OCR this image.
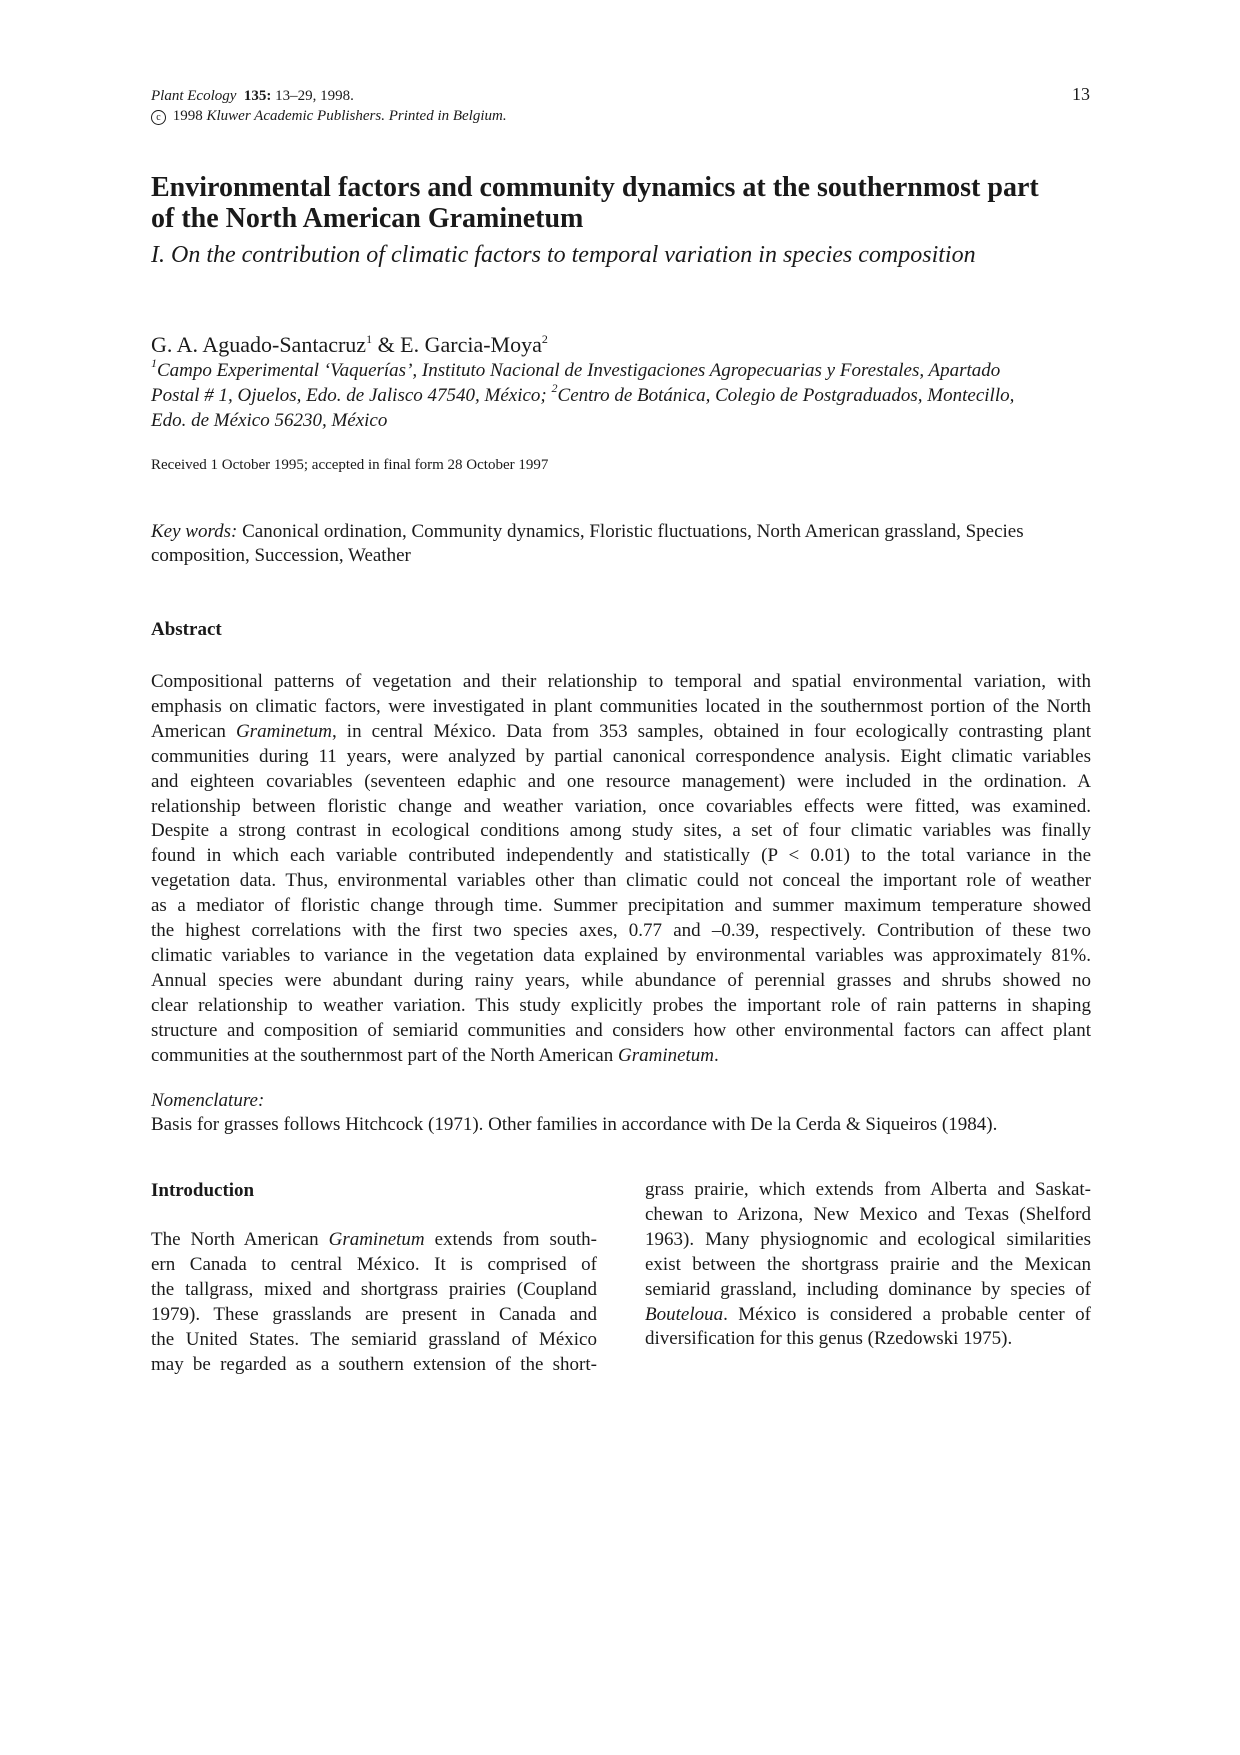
Plant Ecology 135: 13–29, 1998.
c 1998 Kluwer Academic Publishers. Printed in Belgium.
13
Environmental factors and community dynamics at the southernmost part
of the North American Graminetum
I. On the contribution of climatic factors to temporal variation in species composition
G. A. Aguado-Santacruz$^1$ & E. Garcia-Moya$^2$
$^1$Campo Experimental ‘Vaquerías’, Instituto Nacional de Investigaciones Agropecuarias y Forestales, Apartado
Postal # 1, Ojuelos, Edo. de Jalisco 47540, México; $^2$Centro de Botánica, Colegio de Postgraduados, Montecillo,
Edo. de México 56230, México
Received 1 October 1995; accepted in final form 28 October 1997
Key words: Canonical ordination, Community dynamics, Floristic fluctuations, North American grassland, Species
composition, Succession, Weather
Abstract
Compositional patterns of vegetation and their relationship to temporal and spatial environmental variation, with
emphasis on climatic factors, were investigated in plant communities located in the southernmost portion of the North
American Graminetum, in central México. Data from 353 samples, obtained in four ecologically contrasting plant
communities during 11 years, were analyzed by partial canonical correspondence analysis. Eight climatic variables
and eighteen covariables (seventeen edaphic and one resource management) were included in the ordination. A
relationship between floristic change and weather variation, once covariables effects were fitted, was examined.
Despite a strong contrast in ecological conditions among study sites, a set of four climatic variables was finally
found in which each variable contributed independently and statistically (P < 0.01) to the total variance in the
vegetation data. Thus, environmental variables other than climatic could not conceal the important role of weather
as a mediator of floristic change through time. Summer precipitation and summer maximum temperature showed
the highest correlations with the first two species axes, 0.77 and –0.39, respectively. Contribution of these two
climatic variables to variance in the vegetation data explained by environmental variables was approximately 81%.
Annual species were abundant during rainy years, while abundance of perennial grasses and shrubs showed no
clear relationship to weather variation. This study explicitly probes the important role of rain patterns in shaping
structure and composition of semiarid communities and considers how other environmental factors can affect plant
communities at the southernmost part of the North American Graminetum.
Nomenclature:
Basis for grasses follows Hitchcock (1971). Other families in accordance with De la Cerda & Siqueiros (1984).
Introduction
The North American Graminetum extends from south-
ern Canada to central México. It is comprised of
the tallgrass, mixed and shortgrass prairies (Coupland
1979). These grasslands are present in Canada and
the United States. The semiarid grassland of México
may be regarded as a southern extension of the short-
grass prairie, which extends from Alberta and Saskat-
chewan to Arizona, New Mexico and Texas (Shelford
1963). Many physiognomic and ecological similarities
exist between the shortgrass prairie and the Mexican
semiarid grassland, including dominance by species of
Bouteloua. México is considered a probable center of
diversification for this genus (Rzedowski 1975).
